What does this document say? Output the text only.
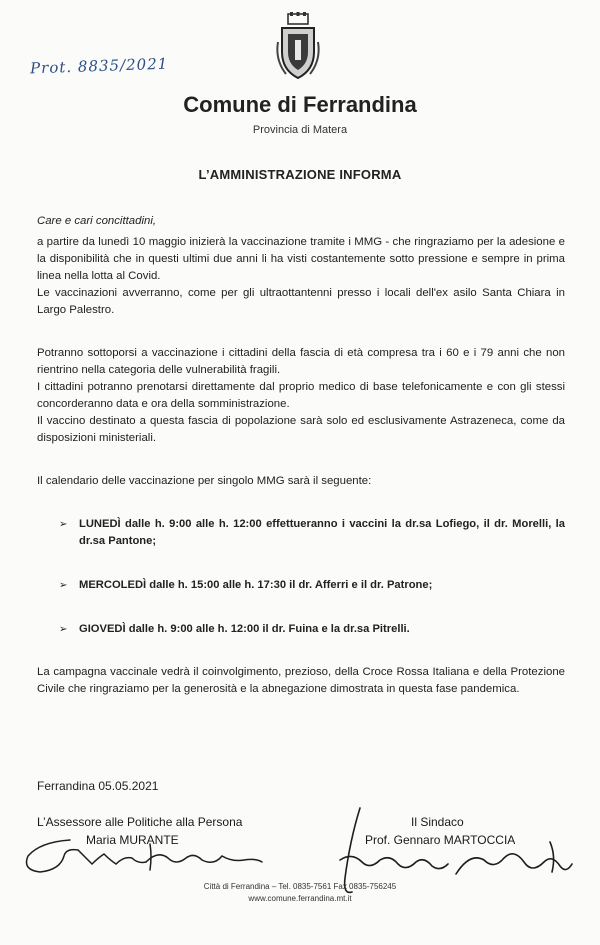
Prot. 8835/2021
Comune di Ferrandina
Provincia di Matera
L’AMMINISTRAZIONE INFORMA

Care e cari concittadini,

a partire da lunedì 10 maggio inizierà la vaccinazione tramite i MMG - che ringraziamo per la adesione e la disponibilità che in questi ultimi due anni li ha visti costantemente sotto pressione e sempre in prima linea nella lotta al Covid.

Le vaccinazioni avverranno, come per gli ultraottantenni presso i locali dell'ex asilo Santa Chiara in Largo Palestro.

Potranno sottoporsi a vaccinazione i cittadini della fascia di età compresa tra i 60 e i 79 anni che non rientrino nella categoria delle vulnerabilità fragili.

I cittadini potranno prenotarsi direttamente dal proprio medico di base telefonicamente e con gli stessi concorderanno data e ora della somministrazione.

Il vaccino destinato a questa fascia di popolazione sarà solo ed esclusivamente Astrazeneca, come da disposizioni ministeriali.

Il calendario delle vaccinazione per singolo MMG sarà il seguente:

➢ LUNEDÌ dalle h. 9:00 alle h. 12:00 effettueranno i vaccini la dr.sa Lofiego, il dr. Morelli, la dr.sa Pantone;
➢ MERCOLEDÌ dalle h. 15:00 alle h. 17:30 il dr. Afferri e il dr. Patrone;
➢ GIOVEDÌ dalle h. 9:00 alle h. 12:00 il dr. Fuina e la dr.sa Pitrelli.

La campagna vaccinale vedrà il coinvolgimento, prezioso, della Croce Rossa Italiana e della Protezione Civile che ringraziamo per la generosità e la abnegazione dimostrata in questa fase pandemica.

Ferrandina 05.05.2021
L’Assessore alle Politiche alla Persona
Maria MURANTE
Il Sindaco
Prof. Gennaro MARTOCCIA
Città di Ferrandina – Tel. 0835-7561 Fax 0835-756245
www.comune.ferrandina.mt.it
